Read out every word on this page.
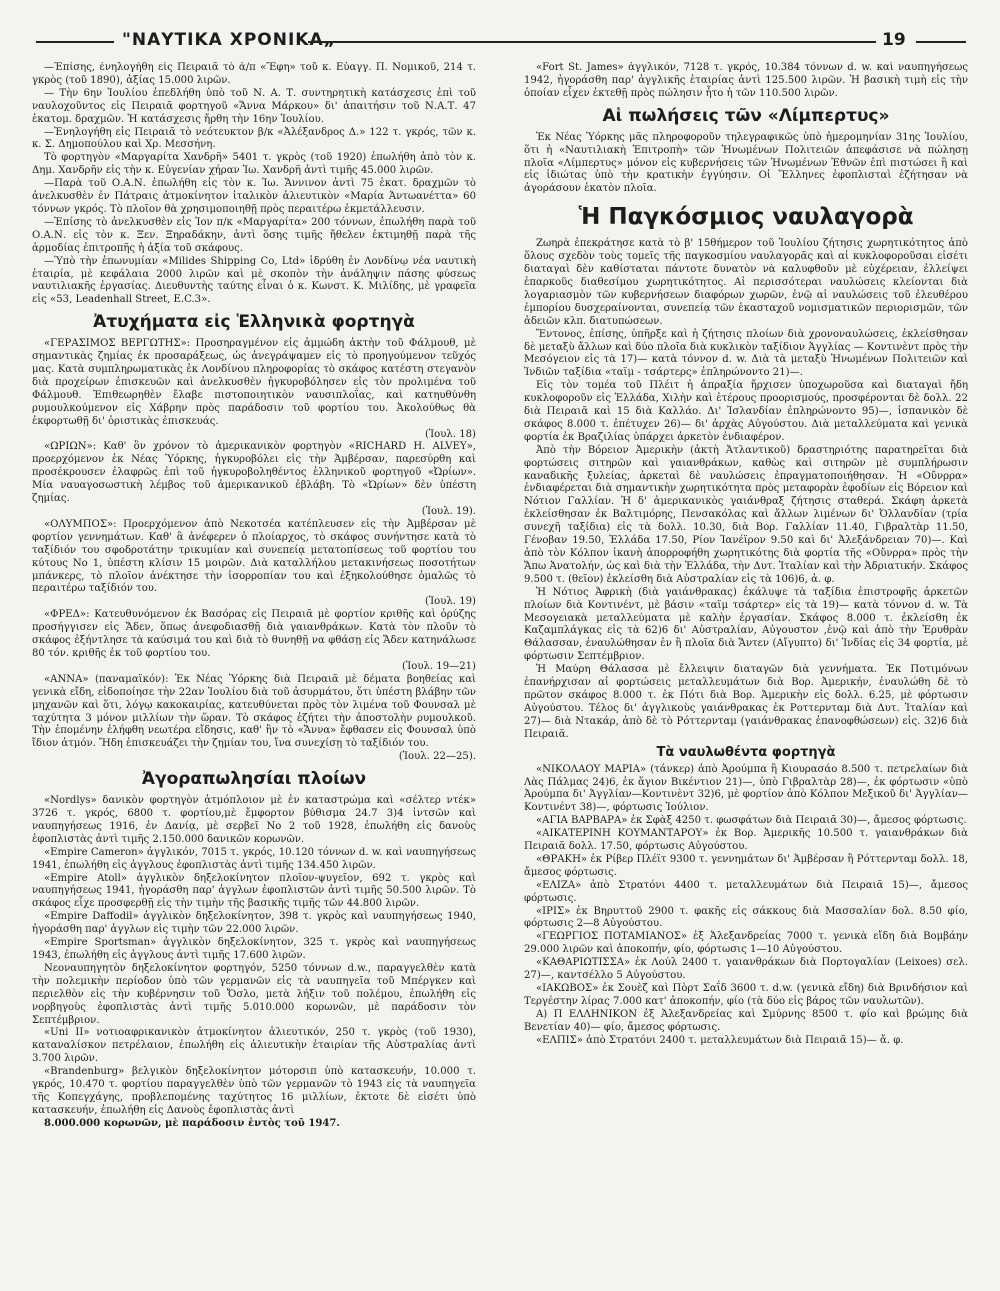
"ΝΑΥΤΙΚΑ ΧΡΟΝΙΚΑ„	19

—Ἐπίσης, ἐνηλογήθη εἰς Πειραιᾶ τὸ ἀ/π «Ἔφη» τοῦ κ. Εὐαγγ. Π. Νομικοῦ, 214 τ. γκρὸς (τοῦ 1890), ἀξίας 15.000 λιρῶν.

— Τὴν 6ην Ἰουλίου ἐπεδλήθη ὑπὸ τοῦ Ν. Α. Τ. συντηρητικὴ κατάσχεσις ἐπὶ τοῦ ναυλοχοῦντος εἰς Πειραιᾶ φορτηγοῦ «Ἄννα Μάρκου» δι' ἀπαιτήσιν τοῦ Ν.Α.Τ. 47 ἑκατομ. δραχμῶν. Ἡ κατάσχεσις ἤρθη τὴν 16ην Ἰουλίου.

—Ἐνηλογήθη εἰς Πειραιᾶ τὸ νεότευκτον β/κ «Ἀλέξανδρος Δ.» 122 τ. γκρός, τῶν κ. κ. Σ. Δημοπούλου καὶ Χρ. Μεσσήνη.

Τὸ φορτηγὸν «Μαργαρίτα Χανδρῆ» 5401 τ. γκρὸς (τοῦ 1920) ἐπωλήθη ἀπὸ τὸν κ. Δημ. Χανδρῆν εἰς τὴν κ. Εὐγενίαν χήραν Ἰω. Χανδρῆ ἀντὶ τιμῆς 45.000 λιρῶν.

—Παρὰ τοῦ Ο.Α.Ν. ἐπωλήθη εἰς τὸν κ. Ἰω. Ἄννινον ἀντὶ 75 ἑκατ. δραχμῶν τὸ ἀνελκυσθὲν ἐν Πάτραις ἀτμοκίνητον ἰταλικὸν ἁλιευτικὸν «Μαρία Ἀντωανέττα» 60 τόννων γκρός. Τὸ πλοῖον θὰ χρησιμοποιηθῇ πρὸς περαιτέρω ἐκμετάλλευσιν.

—Ἐπίσης τὸ ἀνελκυσθὲν εἰς Ἰον π/κ «Μαργαρίτα» 200 τόννων, ἐπωλήθη παρὰ τοῦ Ο.Α.Ν. εἰς τὸν κ. Ξεν. Ξηραδάκην, ἀντὶ ὅσης τιμῆς ἤθελεν ἐκτιμηθῇ παρὰ τῆς ἁρμοδίας ἐπιτροπῆς ἡ ἀξία τοῦ σκάφους.

—Ὑπὸ τὴν ἐπωνυμίαν «Milides Shipping Co, Ltd» ἱδρύθη ἐν Λονδίνῳ νέα ναυτικὴ ἑταιρία, μὲ κεφάλαια 2000 λιρῶν καὶ μὲ σκοπὸν τὴν ἀνάληψιν πάσης φύσεως ναυτιλιακῆς ἐργασίας. Διευθυντὴς ταύτης εἶναι ὁ κ. Κωνστ. Κ. Μιλίδης, μὲ γραφεῖα εἰς «53, Leadenhall Street, E.C.3».

Ἀτυχήματα εἰς Ἑλληνικὰ φορτηγὰ

«ΓΕΡΑΣΙΜΟΣ ΒΕΡΓΩΤΗΣ»: Προσηραγμένον εἰς ἀμμώδη ἀκτὴν τοῦ Φάλμουθ, μὲ σημαντικὰς ζημίας ἐκ προσαράξεως, ὡς ἀνεγράψαμεν εἰς τὸ προηγούμενον τεῦχός μας. Κατὰ συμπληρωματικὰς ἐκ Λονδίνου πληροφορίας τὸ σκάφος κατέστη στεγανὸν διὰ προχείρων ἐπισκευῶν καὶ ἀνελκυσθὲν ἠγκυροβόλησεν εἰς τὸν προλιμένα τοῦ Φάλμουθ. Ἐπιθεωρηθὲν ἔλαβε πιστοποιητικὸν ναυσιπλοΐας, καὶ κατηυθύνθη ρυμουλκούμενον εἰς Χάβρην πρὸς παράδοσιν τοῦ φορτίου του. Ἀκολούθως θὰ ἐκφορτωθῇ δι' ὁριστικὰς ἐπισκευάς.

(Ἰουλ. 18)

«ΩΡΙΩΝ»: Καθ' ὃν χρόνον τὸ ἀμερικανικὸν φορτηγὸν «RICHARD H. ALVEY», προερχόμενον ἐκ Νέας Ὑόρκης, ἠγκυροβόλει εἰς τὴν Ἀμβέρσαν, παρεσύρθη καὶ προσέκρουσεν ἐλαφρῶς ἐπὶ τοῦ ἠγκυροβοληθέντος ἑλληνικοῦ φορτηγοῦ «Ὠρίων». Μία ναυαγοσωστικὴ λέμβος τοῦ ἀμερικανικοῦ ἐβλάβη. Τὸ «Ὠρίων» δὲν ὑπέστη ζημίας.

(Ἰουλ. 19).

«ΟΛΥΜΠΟΣ»: Προερχόμενον ἀπὸ Νεκοτσέα κατέπλευσεν εἰς τὴν Ἀμβέρσαν μὲ φορτίον γεννημάτων. Καθ' ἃ ἀνέφερεν ὁ πλοίαρχος, τὸ σκάφος συνήντησε κατὰ τὸ ταξίδιόν του σφοδροτάτην τρικυμίαν καὶ συνεπείᾳ μετατοπίσεως τοῦ φορτίου του κύτους Νο 1, ὑπέστη κλίσιν 15 μοιρῶν. Διὰ καταλλήλου μετακινήσεως ποσοτήτων μπάνκερς, τὸ πλοῖον ἀνέκτησε τὴν ἰσορροπίαν του καὶ ἐξηκολούθησε ὁμαλῶς τὸ περαιτέρω ταξίδιόν του.

(Ἰουλ. 19)

«ΦΡΕΔ»: Κατευθυνόμενον ἐκ Βασόρας εἰς Πειραιᾶ μὲ φορτίον κριθῆς καὶ ὀρύζης προσήγγισεν εἰς Ἄδεν, ὅπως ἀνεφοδιασθῇ διὰ γαιανθράκων. Κατὰ τὸν πλοῦν τὸ σκάφος ἐξήντλησε τὰ καύσιμά του καὶ διὰ τὸ θυνηθῇ να φθάσῃ εἰς Ἄδεν κατηνάλωσε 80 τόν. κριθῆς ἐκ τοῦ φορτίου του.

(Ἰουλ. 19—21)

«ΑΝΝΑ» (παναμαϊκόν): Ἐκ Νέας Ὑόρκης διὰ Πειραιᾶ μὲ δέματα βοηθείας καὶ γενικὰ εἴδη, εἰδοποίησε τὴν 22αν Ἰουλίου διὰ τοῦ ἀσυρμάτου, ὅτι ὑπέστη βλάβην τῶν μηχανῶν καὶ ὅτι, λόγῳ κακοκαιρίας, κατευθύνεται πρὸς τὸν λιμένα τοῦ Φουνσαλ μὲ ταχύτητα 3 μόνον μιλλίων τὴν ὥραν. Τὸ σκάφος ἐζήτει τὴν ἀποστολὴν ρυμουλκοῦ. Τὴν ἐπομένην ἐλήφθη νεωτέρα εἴδησις, καθ' ἣν τὸ «Ἄννα» ἔφθασεν εἰς Φουνσαλ ὑπὸ ἴδιον ἀτμόν. Ἤδη ἐπισκευάζει τὴν ζημίαν του, ἵνα συνεχίσῃ τὸ ταξίδιόν του.

(Ἰουλ. 22—25).

Ἀγοραπωλησίαι πλοίων

«Nordlys» δανικὸν φορτηγὸν ἀτμόπλοιον μὲ ἐν καταστρώμα καὶ «σέλτερ ντέκ» 3726 τ. γκρός, 6800 τ. φορτίου,μὲ ἔμφορτον βύθισμα 24.7 3)4 ἰντσῶν καὶ ναυπηγήσεως 1916, ἐν Δανίᾳ, μὲ σερβεῖ Νο 2 τοῦ 1928, ἐπωλήθη εἰς δανοὺς ἐφοπλιστὰς ἀντὶ τιμῆς 2.150.000 δανικῶν κορωνῶν.

«Empire Cameron» ἀγγλικόν, 7015 τ. γκρός, 10.120 τόννων d. w. καὶ ναυπηγήσεως 1941, ἐπωλήθη εἰς ἀγγλους ἐφοπλιστὰς ἀντὶ τιμῆς 134.450 λιρῶν.

«Empire Atoll» ἀγγλικὸν δηξελοκίνητον πλοῖον-ψυγεῖον, 692 τ. γκρὸς καὶ ναυπηγήσεως 1941, ἠγοράσθη παρ' ἀγγλων ἐφοπλιστῶν ἀντὶ τιμῆς 50.500 λιρῶν. Τὸ σκάφος εἶχε προσφερθῇ εἰς τὴν τιμὴν τῆς βασικῆς τιμῆς τῶν 44.800 λιρῶν.

«Empire Daffodil» ἀγγλικὸν δηξελοκίνητον, 398 τ. γκρὸς καὶ ναυπηγήσεως 1940, ἠγοράσθη παρ' ἀγγλων εἰς τιμὴν τῶν 22.000 λιρῶν.

«Empire Sportsman» ἀγγλικὸν δηξελοκίνητον, 325 τ. γκρὸς καὶ ναυπηγήσεως 1943, ἐπωλήθη εἰς ἀγγλους ἀντὶ τιμῆς 17.600 λιρῶν.

Νεοναυπηγητὸν δηξελοκίνητον φορτηγόν, 5250 τόννων d.w., παραγγελθὲν κατὰ τὴν πολεμικὴν περίοδον ὑπὸ τῶν γερμανῶν εἰς τὰ ναυπηγεῖα τοῦ Μπέργκεν καὶ περιελθὸν εἰς τὴν κυβέρνησιν τοῦ Ὄσλο, μετὰ λήξιν τοῦ πολέμου, ἐπωλήθη εἰς νορβηγοὺς ἐφοπλιστὰς ἀντὶ τιμῆς 5.010.000 κορωνῶν, μὲ παράδοσιν τὸν Σεπτέμβριον.

«Uni II» νοτιοαφρικανικὸν ἀτμοκίνητον ἁλιευτικόν, 250 τ. γκρὸς (τοῦ 1930), καταναλίσκον πετρέλαιον, ἐπωλήθη εἰς ἁλιευτικὴν ἑταιρίαν τῆς Αὐστραλίας ἀντὶ 3.700 λιρῶν.

«Brandenburg» βελγικὸν δηξελοκίνητον μότορσιπ ὑπὸ κατασκευήν, 10.000 τ. γκρός, 10.470 τ. φορτίου παραγγελθὲν ὑπὸ τῶν γερμανῶν τὸ 1943 εἰς τὰ ναυπηγεῖα τῆς Κοπεγχάγης, προβλεπομένης ταχύτητος 16 μιλλίων, ἐκτοτε δὲ εἰσέτι ὑπὸ κατασκευήν, ἐπωλήθη εἰς Δανοὺς ἐφοπλιστὰς ἀντὶ

8.000.000 κορωνῶν, μὲ παράδοσιν ἐντὸς τοῦ 1947.

«Fort St. James» ἀγγλικόν, 7128 τ. γκρός, 10.384 τόννων d. w. καὶ ναυπηγήσεως 1942, ἠγοράσθη παρ' ἀγγλικῆς ἑταιρίας ἀντὶ 125.500 λιρῶν. Ἡ βασικὴ τιμὴ εἰς τὴν ὁποίαν εἶχεν ἐκτεθῇ πρὸς πώλησιν ἦτο ἡ τῶν 110.500 λιρῶν.

Αἱ πωλήσεις τῶν «Λίμπερτυς»

Ἐκ Νέας Ὑόρκης μᾶς πληροφοροῦν τηλεγραφικῶς ὑπὸ ἡμερομηνίαν 31ης Ἰουλίου, ὅτι ἡ «Ναυτιλιακὴ Ἐπιτροπὴ» τῶν Ἡνωμένων Πολιτειῶν ἀπεφάσισε νὰ πώλησῃ πλοῖα «Λίμπερτυς» μόνον εἰς κυβερνήσεις τῶν Ἡνωμένων Ἐθνῶν ἐπὶ πιστώσει ἢ καὶ εἰς ἰδιώτας ὑπὸ τὴν κρατικὴν ἐγγύησιν. Οἱ Ἕλληνες ἐφοπλισταὶ ἐζήτησαν νὰ ἀγοράσουν ἑκατὸν πλοῖα.

Ἡ Παγκόσμιος ναυλαγορὰ

Ζωηρὰ ἐπεκράτησε κατὰ τὸ β' 15θήμερον τοῦ Ἰουλίου ζήτησις χωρητικότητος ἀπὸ ὅλους σχεδὸν τοὺς τομεῖς τῆς παγκοσμίου ναυλαγορᾶς καὶ αἱ κυκλοφοροῦσαι εἰσέτι διαταγαὶ δὲν καθίσταται πάντοτε δυνατὸν νὰ καλυφθοῦν μὲ εὐχέρειαν, ἐλλείψει ἐπαρκοῦς διαθεσίμου χωρητικότητος. Αἱ περισσότεραι ναυλώσεις κλείονται διὰ λογαριασμὸν τῶν κυβερνήσεων διαφόρων χωρῶν, ἐνῷ αἱ ναυλώσεις τοῦ ἐλευθέρου ἐμπορίου δυσχεραίνονται, συνεπείᾳ τῶν ἑκασταχοῦ νομισματικῶν περιορισμῶν, τῶν ἀδειῶν κλπ. διατυπώσεων.

Ἔντονος, ἐπίσης, ὑπῆρξε καὶ ἡ ζήτησις πλοίων διὰ χρονοναυλώσεις, ἐκλείσθησαν δὲ μεταξὺ ἄλλων καὶ δύο πλοῖα διὰ κυκλικὸν ταξίδιον Ἀγγλίας — Κοντινὲντ πρὸς τὴν Μεσόγειον εἰς τὰ 17)— κατὰ τόννον d. w. Διὰ τὰ μεταξὺ Ἡνωμένων Πολιτειῶν καὶ Ἰνδιῶν ταξίδια «ταϊμ - τσάρτερς» ἐπληρώνοντο 21)—.

Εἰς τὸν τομέα τοῦ Πλέιτ ἡ ἀπραξία ἤρχισεν ὑποχωροῦσα καὶ διαταγαὶ ἤδη κυκλοφοροῦν εἰς Ἑλλάδα, Χιλὴν καὶ ἑτέρους προορισμούς, προσφέρονται δὲ δολλ. 22 διὰ Πειραιᾶ καὶ 15 διὰ Καλλάο. Δι' Ἰσλανδίαν ἐπληρώνοντο 95)—, ἰσπανικὸν δὲ σκάφος 8.000 τ. ἐπέτυχεν 26)— δι' ἀρχὰς Αὐγούστου. Διὰ μεταλλεύματα καὶ γενικὰ φορτία ἐκ Βραζιλίας ὑπάρχει ἀρκετὸν ἐνδιαφέρον.

Ἀπὸ τὴν Βόρειον Ἀμερικὴν (ἀκτὴ Ἀτλαντικοῦ) δραστηριότης παρατηρεῖται διὰ φορτώσεις σιτηρῶν καὶ γαιανθράκων, καθὼς καὶ σιτηρῶν μὲ συμπλήρωσιν καναδικῆς ξυλείας, ἀρκεταὶ δὲ ναυλώσεις ἐπραγματοποιήθησαν. Ἡ «Οὔνρρα» ἐνδιαφέρεται διὰ σημαντικὴν χωρητικότητα πρὸς μεταφορὰν ἐφοδίων εἰς Βόρειον καὶ Νότιον Γαλλίαν. Ἡ δ' ἀμερικανικὸς γαιάνθραξ ζήτησις σταθερά. Σκάφη ἀρκετὰ ἐκλείσθησαν ἐκ Βαλτιμόρης, Πενσακόλας καὶ ἄλλων λιμένων δι' Ὀλλανδίαν (τρία συνεχῆ ταξίδια) εἰς τὰ δολλ. 10.30, διὰ Βορ. Γαλλίαν 11.40, Γιβραλτὰρ 11.50, Γένοβαν 19.50, Ἑλλάδα 17.50, Ρίον Ἰανέϊρον 9.50 καὶ δι' Ἀλεξάνδρειαν 70)—. Καὶ ἀπὸ τὸν Κόλπον ἱκανὴ ἀπορροφήθη χωρητικότης διὰ φορτία τῆς «Οὔνρρα» πρὸς τὴν Ἄπω Ἀνατολήν, ὡς καὶ διὰ τὴν Ἑλλάδα, τὴν Δυτ. Ἰταλίαν καὶ τὴν Ἀδριατικήν. Σκάφος 9.500 τ. (θεῖον) ἐκλείσθη διὰ Αὐστραλίαν εἰς τὰ 106)6, ἀ. φ.

Ἡ Νότιος Ἀφρικὴ (διὰ γαιάνθρακας) ἐκάλυψε τὰ ταξίδια ἐπιστροφῆς ἀρκετῶν πλοίων διὰ Κοντινέντ, μὲ βάσιν «ταϊμ τσάρτερ» εἰς τὰ 19)— κατὰ τόννον d. w. Τὰ Μεσογειακὰ μεταλλεύματα μὲ καλὴν ἐργασίαν. Σκάφος 8.000 τ. ἐκλείσθη ἐκ Καζαμπλάγκας εἰς τὰ 62)6 δι' Αὐστραλίαν, Αὐγουστον ,ἐνῷ καὶ ἀπὸ τὴν Ἐρυθρὰν Θάλασσαν, ἐναυλώθησαν ἐν ἢ πλοῖα διὰ Ἄντεν (Αἴγυπτο) δι' Ἰνδίας εἰς 34 φορτία, μὲ φόρτωσιν Σεπτέμβριον.

Ἡ Μαύρη Θάλασσα μὲ ἔλλειψιν διαταγῶν διὰ γεννήματα. Ἐκ Ποτιμόνων ἐπανήρχισαν αἱ φορτώσεις μεταλλευμάτων διὰ Βορ. Ἀμερικήν, ἐναυλώθη δὲ τὸ πρῶτον σκάφος 8.000 τ. ἐκ Πότι διὰ Βορ. Ἀμερικὴν εἰς δολλ. 6.25, μὲ φόρτωσιν Αὐγούστου. Τέλος δι' ἀγγλικοὺς γαιάνθρακας ἐκ Ροττερνταμ διὰ Δυτ. Ἰταλίαν καὶ 27)— διὰ Ντακάρ, ἀπὸ δὲ τὸ Ρόττερνταμ (γαιάνθρακας ἐπανοφθώσεων) εἰς. 32)6 διὰ Πειραιᾶ.

Τὰ ναυλωθέντα φορτηγὰ

«ΝΙΚΟΛΑΟΥ ΜΑΡΙΑ» (τάνκερ) ἀπὸ Ἀρούμπα ἢ Κιουρασάο 8.500 τ. πετρελαίων διὰ Λὰς Πάλμας 24)6, ἐκ ἅγιον Βικέντιον 21)—, ὑπὸ Γιβραλτὰρ 28)—, ἐκ φόρτωσιν «ὑπὸ Ἀρούμπα δι' Ἀγγλίαν—Κοντινὲντ 32)6, μὲ φορτίον ἀπὸ Κόλπον Μεξικοῦ δι' Ἀγγλίαν—Κοντινέντ 38)—, φόρτωσις Ἰούλιον.

«ΑΓΙΑ ΒΑΡΒΑΡΑ» ἐκ Σφὰξ 4250 τ. φωσφάτων διὰ Πειραιᾶ 30)—, ἄμεσος φόρτωσις.

«ΑΙΚΑΤΕΡΙΝΗ ΚΟΥΜΑΝΤΑΡΟΥ» ἐκ Βορ. Ἀμερικῆς 10.500 τ. γαιανθράκων διὰ Πειραιᾶ δολλ. 17.50, φόρτωσις Αὐγούστου.

«ΘΡΑΚΗ» ἐκ Ρίβερ Πλέϊτ 9300 τ. γεννημάτων δι' Ἀμβέρσαν ἢ Ρόττερνταμ δολλ. 18, ἄμεσος φόρτωσις.

«ΕΛΙΖΑ» ἀπὸ Στρατόνι 4400 τ. μεταλλευμάτων διὰ Πειραιᾶ 15)—, ἄμεσος φόρτωσις.

«ΙΡΙΣ» ἐκ Βηρυττοῦ 2900 τ. φακῆς εἰς σάκκους διὰ Μασσαλίαν δολ. 8.50 φίο, φόρτωσις 2—8 Αὐγούστου.

«ΓΕΩΡΓΙΟΣ ΠΟΤΑΜΙΑΝΟΣ» ἐξ Ἀλεξανδρείας 7000 τ. γενικὰ εἴδη διὰ Βομβάην 29.000 λιρῶν καὶ ἀποκοπήν, φίο, φόρτωσις 1—10 Αὐγούστου.

«ΚΑΘΑΡΙΩΤΙΣΣΑ» ἐκ Λούλ 2400 τ. γαιανθράκων διὰ Πορτογαλίαν (Leixoes) σελ. 27)—, καντσέλλο 5 Αὐγούστου.

«ΙΑΚΩΒΟΣ» ἐκ Σουὲζ καὶ Πὸρτ Σαΐδ 3600 τ. d.w. (γενικὰ εἴδη) διὰ Βρινδήσιον καὶ Τεργέστην λίρας 7.000 κατ' ἀποκοπήν, φίο (τὰ δύο εἰς βάρος τῶν ναυλωτῶν).

Α) Π ΕΛΛΗΝΙΚΟΝ ἐξ Ἀλεξανδρείας καὶ Σμύρνης 8500 τ. φίο καὶ βρώμης διὰ Βενετίαν 40)— φίο, ἄμεσος φόρτωσις.

«ΕΛΠΙΣ» ἀπὸ Στρατόνι 2400 τ. μεταλλευμάτων διὰ Πειραιᾶ 15)— ἄ. φ.
